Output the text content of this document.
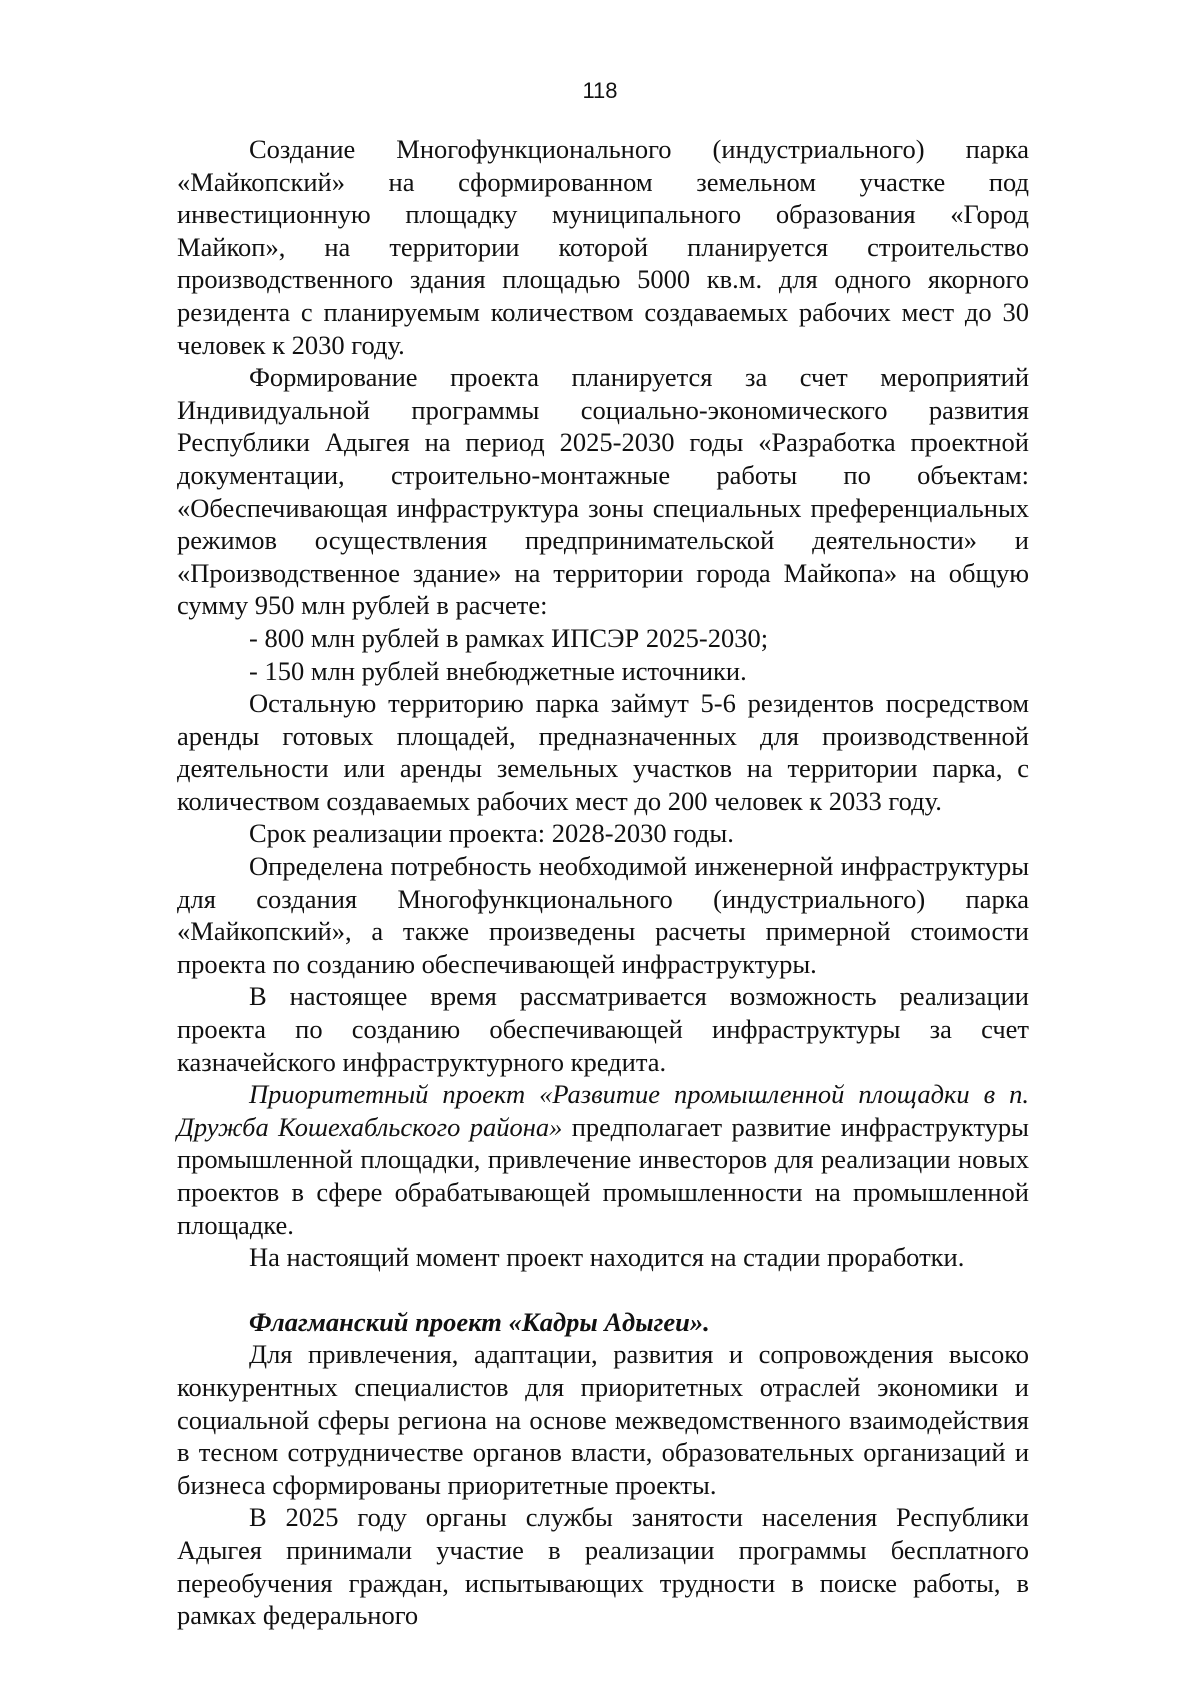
118

Создание Многофункционального (индустриального) парка «Майкопский» на сформированном земельном участке под инвестиционную площадку муниципального образования «Город Майкоп», на территории которой планируется строительство производственного здания площадью 5000 кв.м. для одного якорного резидента с планируемым количеством создаваемых рабочих мест до 30 человек к 2030 году.

Формирование проекта планируется за счет мероприятий Индивидуальной программы социально-экономического развития Республики Адыгея на период 2025-2030 годы «Разработка проектной документации, строительно-монтажные работы по объектам: «Обеспечивающая инфраструктура зоны специальных преференциальных режимов осуществления предпринимательской деятельности» и «Производственное здание» на территории города Майкопа» на общую сумму 950 млн рублей в расчете:

- 800 млн рублей в рамках ИПСЭР 2025-2030;

- 150 млн рублей внебюджетные источники.

Остальную территорию парка займут 5-6 резидентов посредством аренды готовых площадей, предназначенных для производственной деятельности или аренды земельных участков на территории парка, с количеством создаваемых рабочих мест до 200 человек к 2033 году.

Срок реализации проекта: 2028-2030 годы.

Определена потребность необходимой инженерной инфраструктуры для создания Многофункционального (индустриального) парка «Майкопский», а также произведены расчеты примерной стоимости проекта по созданию обеспечивающей инфраструктуры.

В настоящее время рассматривается возможность реализации проекта по созданию обеспечивающей инфраструктуры за счет казначейского инфраструктурного кредита.

Приоритетный проект «Развитие промышленной площадки в п. Дружба Кошехабльского района» предполагает развитие инфраструктуры промышленной площадки, привлечение инвесторов для реализации новых проектов в сфере обрабатывающей промышленности на промышленной площадке.

На настоящий момент проект находится на стадии проработки.

Флагманский проект «Кадры Адыгеи».

Для привлечения, адаптации, развития и сопровождения высоко конкурентных специалистов для приоритетных отраслей экономики и социальной сферы региона на основе межведомственного взаимодействия в тесном сотрудничестве органов власти, образовательных организаций и бизнеса сформированы приоритетные проекты.

В 2025 году органы службы занятости населения Республики Адыгея принимали участие в реализации программы бесплатного переобучения граждан, испытывающих трудности в поиске работы, в рамках федерального
